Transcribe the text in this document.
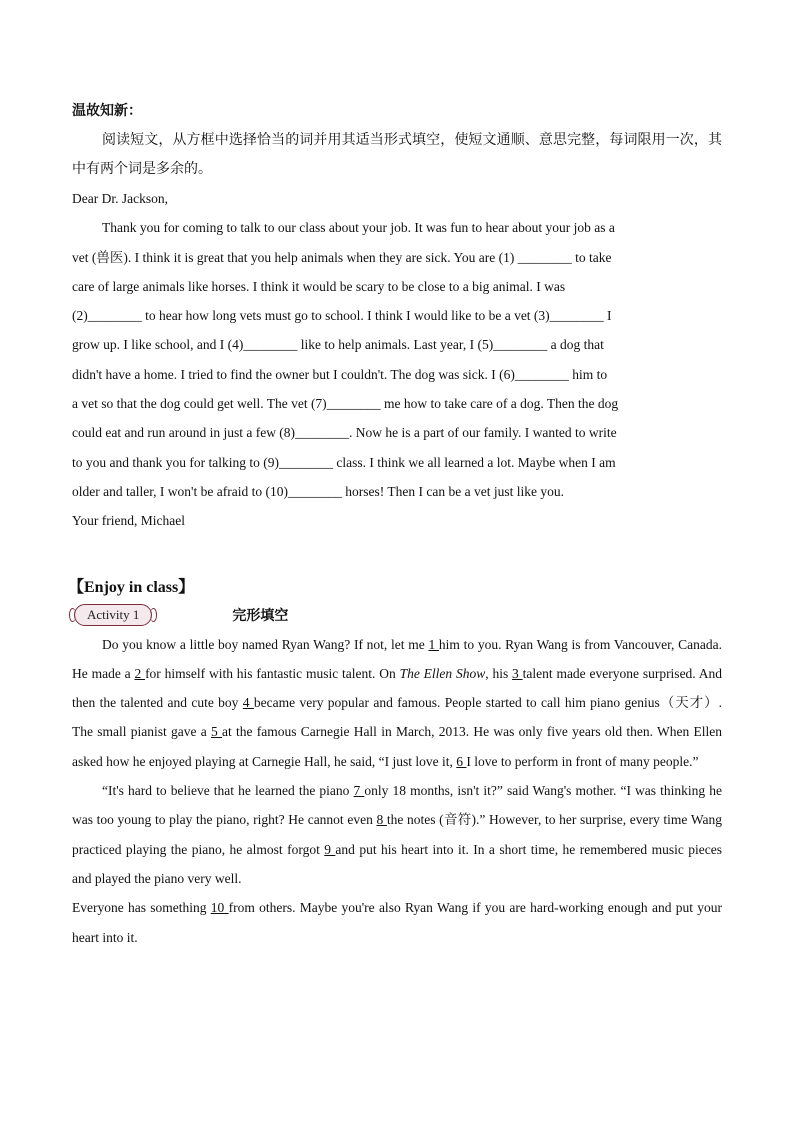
温故知新：

阅读短文，从方框中选择恰当的词并用其适当形式填空，使短文通顺、意思完整，每词限用一次，其中有两个词是多余的。

Dear Dr. Jackson,

Thank you for coming to talk to our class about your job. It was fun to hear about your job as a

vet (兽医). I think it is great that you help animals when they are sick. You are (1) ________ to take

care of large animals like horses. I think it would be scary to be close to a big animal. I was

(2)________ to hear how long vets must go to school. I think I would like to be a vet (3)________ I

grow up. I like school, and I (4)________ like to help animals. Last year, I (5)________ a dog that

didn't have a home. I tried to find the owner but I couldn't. The dog was sick. I (6)________ him to

a vet so that the dog could get well. The vet (7)________ me how to take care of a dog. Then the dog

could eat and run around in just a few (8)________. Now he is a part of our family. I wanted to write

to you and thank you for talking to (9)________ class. I think we all learned a lot. Maybe when I am

older and taller, I won't be afraid to (10)________ horses! Then I can be a vet just like you.

Your friend, Michael

【Enjoy in class】
Activity 1	完形填空

Do you know a little boy named Ryan Wang? If not, let me 1 him to you. Ryan Wang is from Vancouver, Canada. He made a 2 for himself with his fantastic music talent. On The Ellen Show, his 3 talent made everyone surprised. And then the talented and cute boy 4 became very popular and famous. People started to call him piano genius（天才）. The small pianist gave a 5 at the famous Carnegie Hall in March, 2013. He was only five years old then. When Ellen asked how he enjoyed playing at Carnegie Hall, he said, “I just love it, 6 I love to perform in front of many people.”

“It's hard to believe that he learned the piano 7 only 18 months, isn't it?” said Wang's mother. “I was thinking he was too young to play the piano, right? He cannot even 8 the notes (音符).” However, to her surprise, every time Wang practiced playing the piano, he almost forgot 9 and put his heart into it. In a short time, he remembered music pieces and played the piano very well.

Everyone has something 10 from others. Maybe you're also Ryan Wang if you are hard-working enough and put your heart into it.
